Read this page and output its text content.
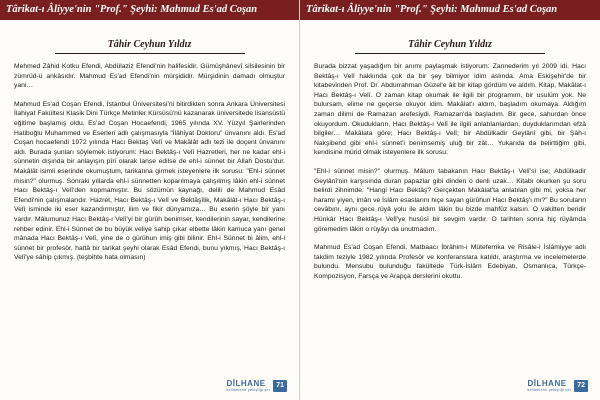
Târikat-ı Âliyye'nin "Prof." Şeyhi: Mahmud Es'ad Coşan
Tâhir Ceyhun Yıldız

Mehmed Zâhid Kotku Efendi, Abdülaziz Efendi'nin halifesidir. Gümüşhânevî silsilesinin bir zümrüd-ü ankâsıdır. Mahmud Es'ad Efendi'nin mürşididir. Mürşidinin damadı olmuştur yani…

Mahmud Es'ad Coşan Efendi, İstanbul Üniversitesi'ni bitirdikten sonra Ankara Üniversitesi İlahiyat Fakültesi Klasik Dini Türkçe Metinler Kürsüsü'nü kazanarak üniversitede lisansüstü eğitime başlamış oldu. Es'ad Coşan Hocaefendi, 1965 yılında XV. Yüzyıl Şairlerinden Hatiboğlu Muhammed ve Eserleri adlı çalışmasıyla "İlâhiyat Doktoru" ünvanını aldı. Es'ad Coşan hocaefendi 1972 yılında Hacı Bektaş Velî ve Makâlât adlı tezi ile doçent ünvanını aldı. Burada şunları söylemek istiyorum: Hacı Bektâş-ı Velî Hazretleri, her ne kadar ehl-i sünnetin dışında bir anlayışın pîri olarak lanse edilse de ehl-i sünnet bir Allah Dostu'dur. Makâlât isimli eserinde okumuştum, tarikatına girmek isteyenlere ilk sorusu: "Ehl-i sünnet misin?" olurmuş. Sonraki yıllarda ehl-i sünnetten koparılmaya çalışılmış lâkin ehl-i sünnet Hacı Bektâş-ı Velî'den kopmamıştır. Bu sözümün kaynağı, delili de Mahmud Esâd Efendi'nin çalışmalarıdır. Hazret, Hacı Bektâş-ı Velî ve Bektâşîlik, Makâlât-ı Hacı Bektâş-ı Velî isminde iki eser kazandırmıştır, ilim ve fikir dünyamıza… Bu eserin şöyle bir yanı vardır. Mâlumunuz Hacı Bektâş-ı Velî'yi bir gürûh benimser, kendilerinin sayar, kendilerine rehber edinir. Ehl-i Sünnet de bu büyük veliye sahip çıkar elbette lâkin kamuca yanı genel mânada Hacı Bektâş-ı Velî, yine de o gürûhun imiş gibi bilinir. Ehl-i Sünnet bi âlim, ehl-i sünnet bir profesör, hattâ bir tarikat şeyhi olarak Esâd Efendi, bunu yıkmış, Hacı Bektâş-ı Velî'ye sâhip çıkmış. (teşbihte hata olmasın)

DİLHANE
kelimelerin pekiştiği yer
71
Târikat-ı Âliyye'nin "Prof." Şeyhi: Mahmud Es'ad Coşan
Tâhir Ceyhun Yıldız

Burada bizzat yaşadığım bir anımı paylaşmak istiyorum: Zannederim yıl 2009 idi. Hacı Bektâş-ı Velî hakkında çok da bir şey bilmiyor idim aslında. Ama Eskişehir'de bir kitabevinden Prof. Dr. Abdurrahman Güzel'e âit bir kitap gördüm ve aldım. Kitap, Makâlat-ı Hacı Bektâş-ı Velî. O zaman kitap okumak ile ilgili bir programım, bir usulüm yok. Ne bulursam, elime ne geçerse okuyor idim. Makâlat'ı aldım, başladım okumaya. Aldığım zaman dilimi de Ramazan arefesiydi. Ramazan'da başladım. Bir gece, sahurdan önce okuyordum. Okudukların, Hacı Bektâş-ı Velî ile ilgili anlatılanlardan, duyduklarımdan efzâ bilgiler… Makâlata göre; Hacı Bektâş-ı Velî; bir Abdülkadir Geylânî gibi, bir Şâh-ı Nakşibend gibi ehl-i sünnet'i benimsemiş uluğ bir zât… Yukarıda da belirttiğim gibi, kendisine mürid olmak isteyenlere ilk sorusu:

"Ehl-i sünnet misin?" olurmuş. Mâlum tabakanın Hacı Bektâş-ı Velî'si ise; Abdülkadir Geylânî'nin karşısında duran papazlar gibi dinden o denli uzak… Kitabı okurken şu soru belirdi zihnimde: "Hangi Hacı Bektâş? Gerçekten Makâlat'ta anlatılan gibi mi, yoksa her haramı yiyen, imân ve İslâm esaslarını hiçe sayan gürûhun Hacı Bektâş'ı mı?" Bu soruların cevâbını, aynı gece rüyâ yolu ile aldım lâkin bu bizde mahfûz kalsın. O vakitten beridir Hünkâr Hacı Bektâş-ı Velî'ye husûsî bir sevgim vardır. O tarihten sonra hiç rüyâmda göremedim lâkin o rüyâyı da unutmadım.

Mahmud Es'ad Coşan Efendi, Matbaacı İbrâhim-i Müteferrika ve Risâle-i İslâmiyye adlı takdim teziyle 1982 yılında Profesör ve konferanslara katıldı, araştırma ve incelemelerde bulundu. Mensubu bulunduğu fakültede Türk-İslâm Edebiyatı, Osmanlıca, Türkçe-Kompozisyon, Farsça ve Arapça derslerini okuttu.

DİLHANE
kelimelerin pekiştiği yer
72
